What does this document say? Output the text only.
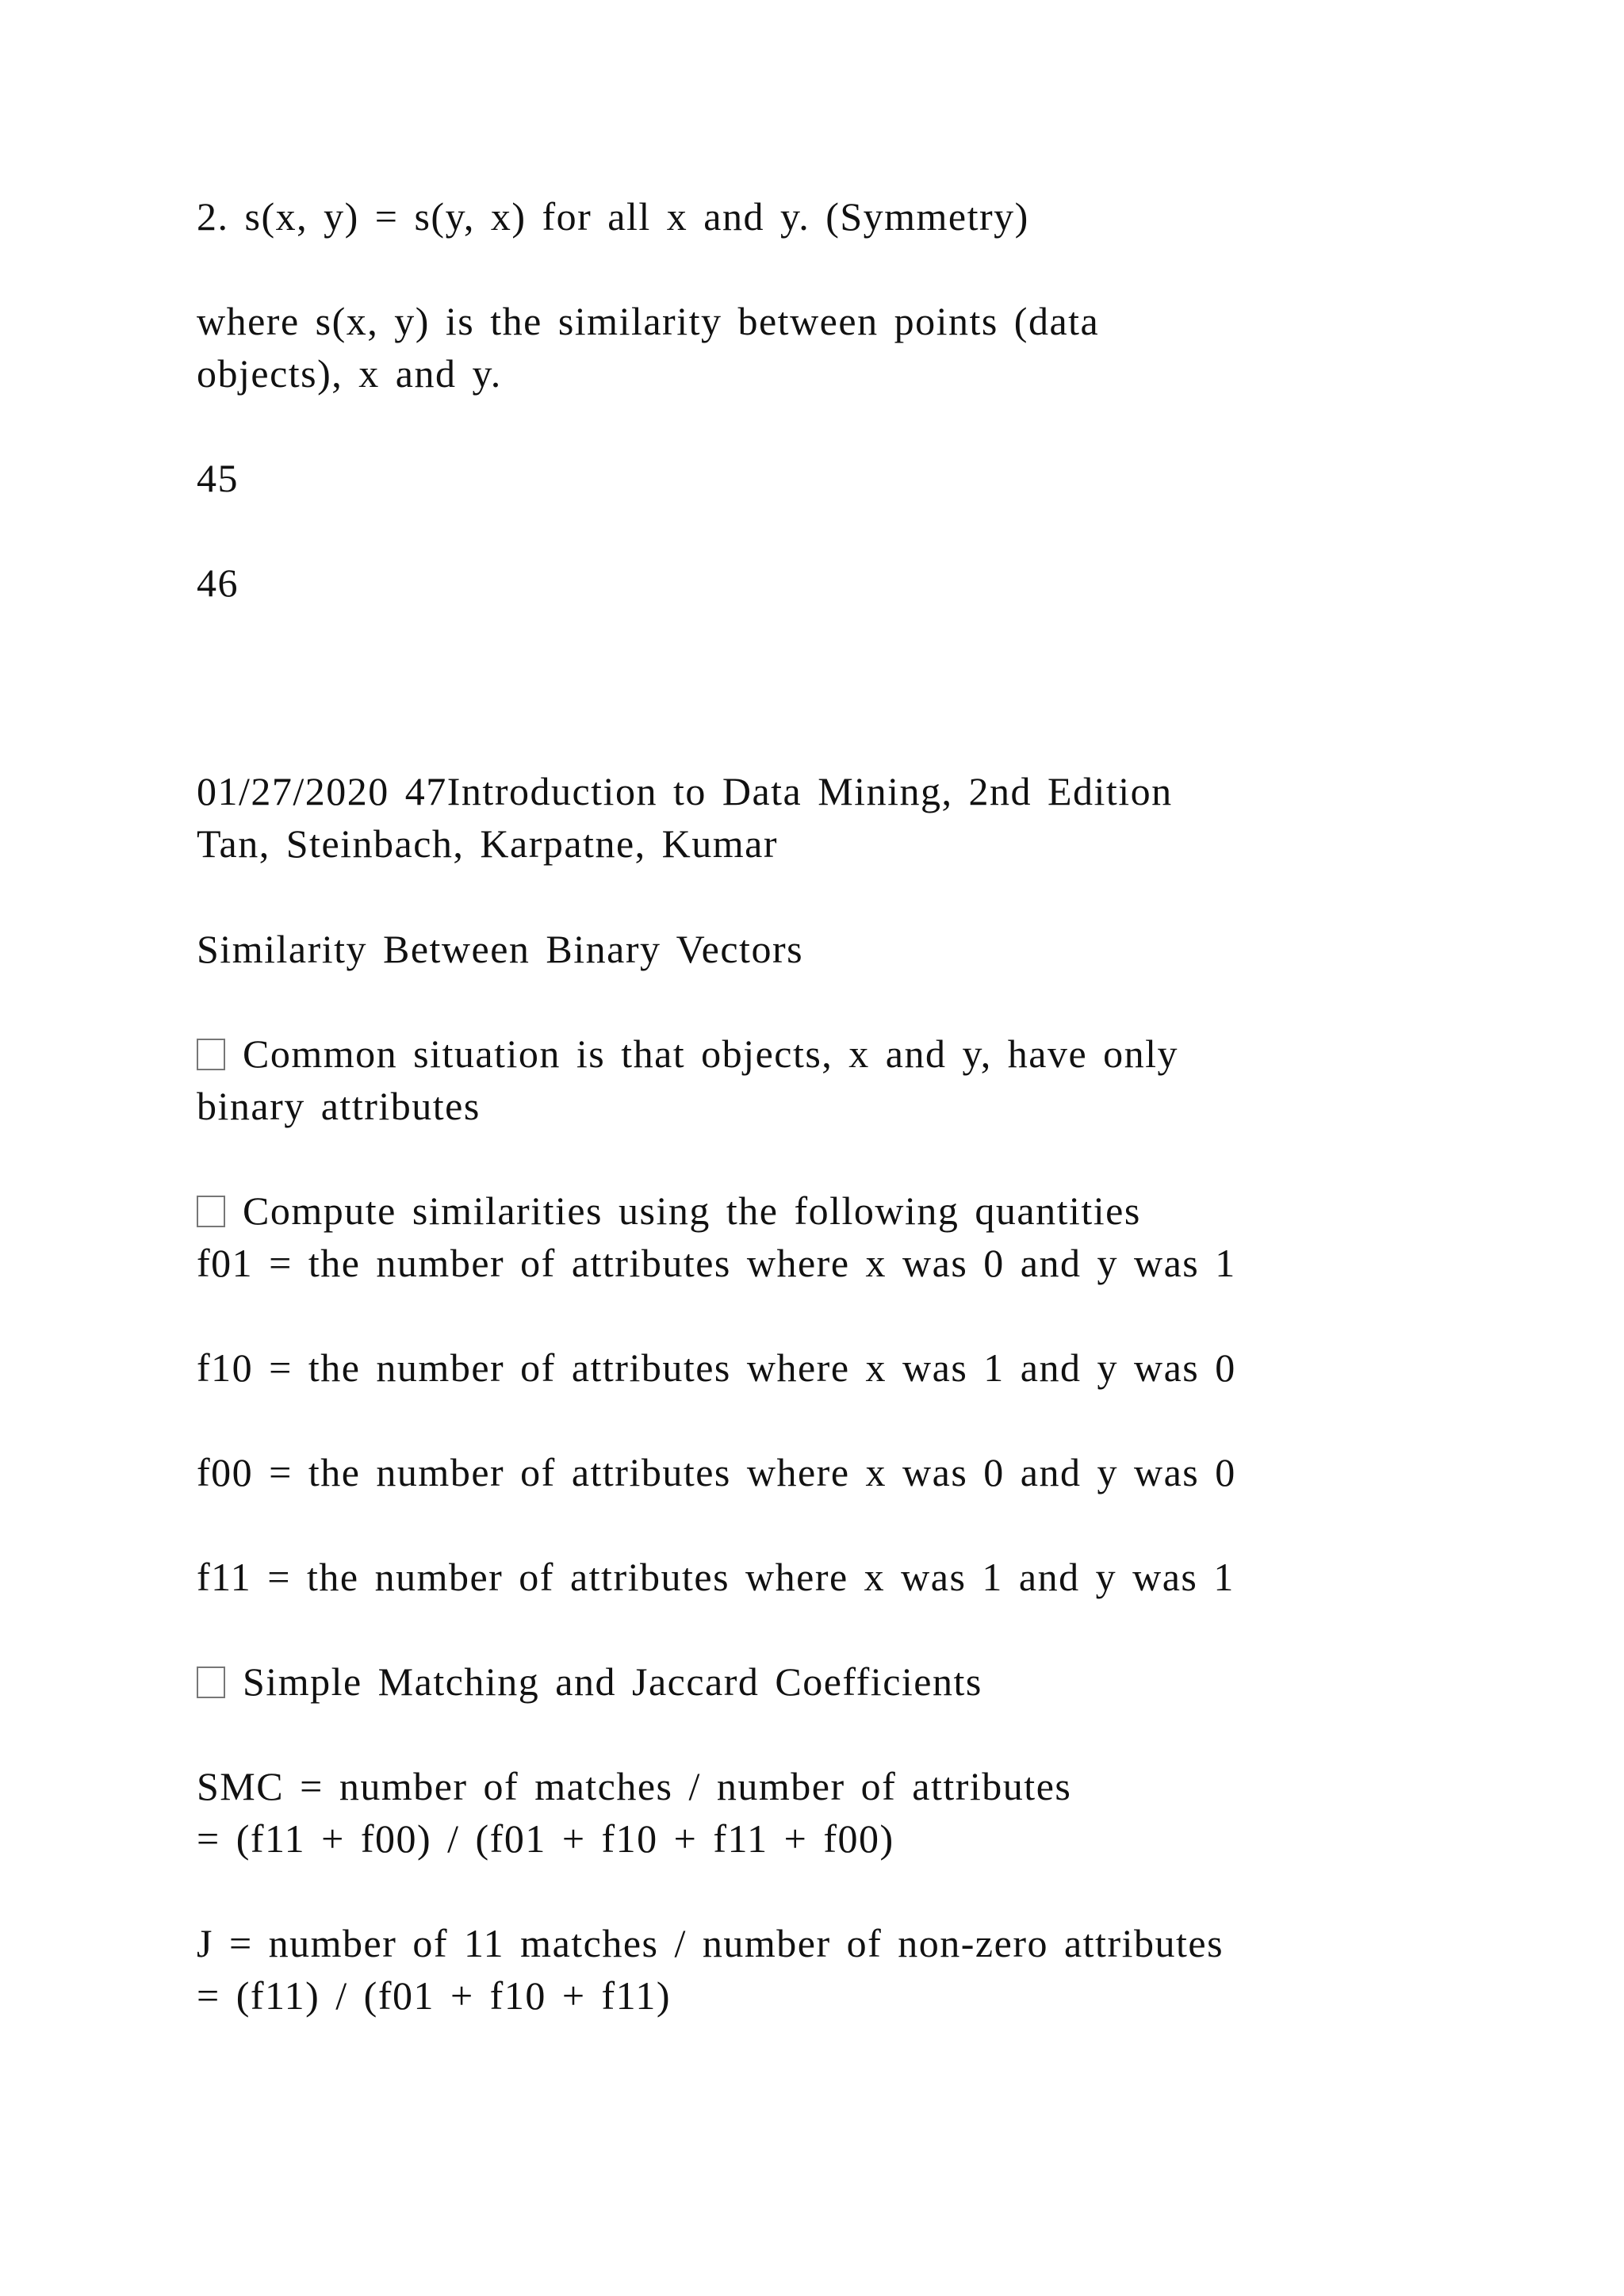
2. s(x, y) = s(y, x) for all x and y. (Symmetry)
where s(x, y) is the similarity between points (data
objects), x and y.
45
46
01/27/2020 47Introduction to Data Mining, 2nd Edition
Tan, Steinbach, Karpatne, Kumar
Similarity Between Binary Vectors
Common situation is that objects, x and y, have only
binary attributes
Compute similarities using the following quantities
f01 = the number of attributes where x was 0 and y was 1
f10 = the number of attributes where x was 1 and y was 0
f00 = the number of attributes where x was 0 and y was 0
f11 = the number of attributes where x was 1 and y was 1
Simple Matching and Jaccard Coefficients
SMC = number of matches / number of attributes
= (f11 + f00) / (f01 + f10 + f11 + f00)
J = number of 11 matches / number of non-zero attributes
= (f11) / (f01 + f10 + f11)
